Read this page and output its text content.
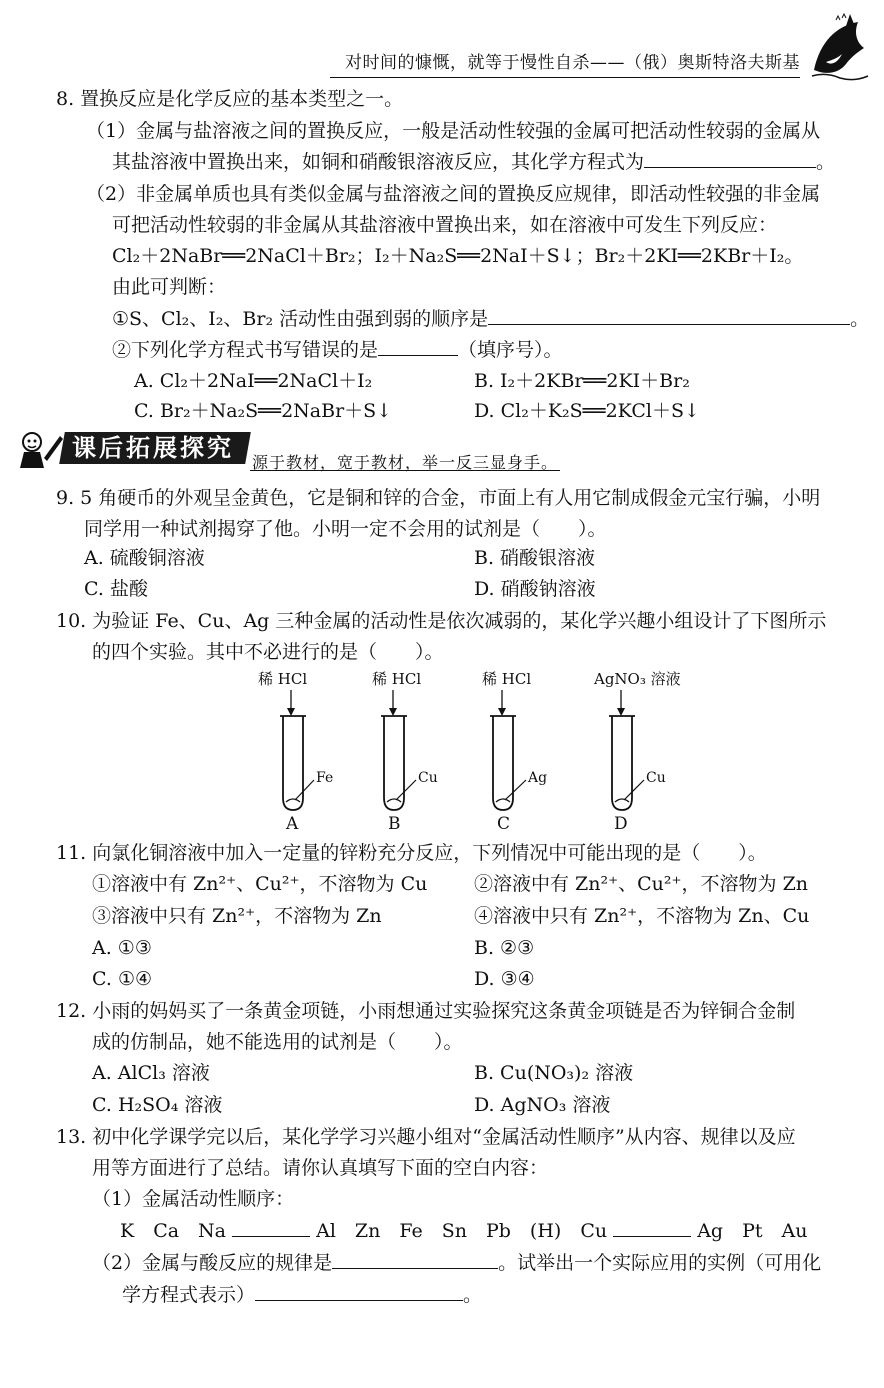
对时间的慷慨，就等于慢性自杀——（俄）奥斯特洛夫斯基
8. 置换反应是化学反应的基本类型之一。
（1）金属与盐溶液之间的置换反应，一般是活动性较强的金属可把活动性较弱的金属从
其盐溶液中置换出来，如铜和硝酸银溶液反应，其化学方程式为	。
（2）非金属单质也具有类似金属与盐溶液之间的置换反应规律，即活动性较强的非金属
可把活动性较弱的非金属从其盐溶液中置换出来，如在溶液中可发生下列反应：
Cl₂＋2NaBr══2NaCl＋Br₂；I₂＋Na₂S══2NaI＋S↓；Br₂＋2KI══2KBr＋I₂。
由此可判断：
①S、Cl₂、I₂、Br₂ 活动性由强到弱的顺序是	。
②下列化学方程式书写错误的是	（填序号）。
A. Cl₂＋2NaI══2NaCl＋I₂	B. I₂＋2KBr══2KI＋Br₂
C. Br₂＋Na₂S══2NaBr＋S↓	D. Cl₂＋K₂S══2KCl＋S↓
课后拓展探究
源于教材，宽于教材，举一反三显身手。
9. 5 角硬币的外观呈金黄色，它是铜和锌的合金，市面上有人用它制成假金元宝行骗，小明
同学用一种试剂揭穿了他。小明一定不会用的试剂是（　　）。
A. 硫酸铜溶液	B. 硝酸银溶液
C. 盐酸	D. 硝酸钠溶液
10. 为验证 Fe、Cu、Ag 三种金属的活动性是依次减弱的，某化学兴趣小组设计了下图所示
的四个实验。其中不必进行的是（　　）。
稀 HCl
Fe
A
稀 HCl
Cu
B
稀 HCl
Ag
C
AgNO₃ 溶液
Cu
D
11. 向氯化铜溶液中加入一定量的锌粉充分反应，下列情况中可能出现的是（　　）。
①溶液中有 Zn²⁺、Cu²⁺，不溶物为 Cu ②溶液中有 Zn²⁺、Cu²⁺，不溶物为 Zn
③溶液中只有 Zn²⁺，不溶物为 Zn	④溶液中只有 Zn²⁺，不溶物为 Zn、Cu
A. ①③	B. ②③
C. ①④	D. ③④
12. 小雨的妈妈买了一条黄金项链，小雨想通过实验探究这条黄金项链是否为锌铜合金制
成的仿制品，她不能选用的试剂是（　　）。
A. AlCl₃ 溶液	B. Cu(NO₃)₂ 溶液
C. H₂SO₄ 溶液	D. AgNO₃ 溶液
13. 初中化学课学完以后，某化学学习兴趣小组对“金属活动性顺序”从内容、规律以及应
用等方面进行了总结。请你认真填写下面的空白内容：
（1）金属活动性顺序：
K　Ca　Na	Al　Zn　Fe　Sn　Pb　(H)　Cu	Ag　Pt　Au
（2）金属与酸反应的规律是	。试举出一个实际应用的实例（可用化
学方程式表示）	。
